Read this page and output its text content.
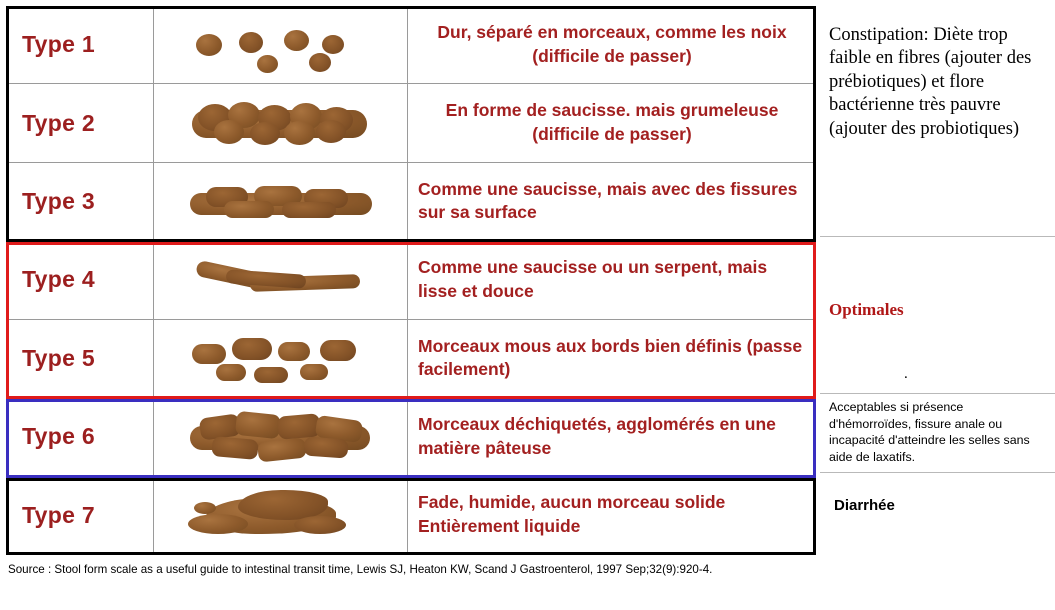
Type 1	Dur, séparé en morceaux, comme les noix (difficile de passer)
Type 2	En forme de saucisse. mais grumeleuse (difficile de passer)
Type 3	Comme une saucisse, mais avec des fissures sur sa surface
Type 4	Comme une saucisse ou un serpent, mais lisse et douce
Type 5	Morceaux mous aux bords bien définis (passe facilement)
Type 6	Morceaux déchiquetés, agglomérés en une matière pâteuse
Type 7	Fade, humide, aucun morceau solide Entièrement liquide
Constipation: Diète trop faible en fibres (ajouter des prébiotiques) et flore bactérienne très pauvre (ajouter des probiotiques)
Optimales
.
Acceptables si présence d'hémorroïdes, fissure anale ou incapacité d'atteindre les selles sans aide de laxatifs.
Diarrhée
Source : Stool form scale as a useful guide to intestinal transit time, Lewis SJ, Heaton KW, Scand J Gastroenterol, 1997 Sep;32(9):920-4.
